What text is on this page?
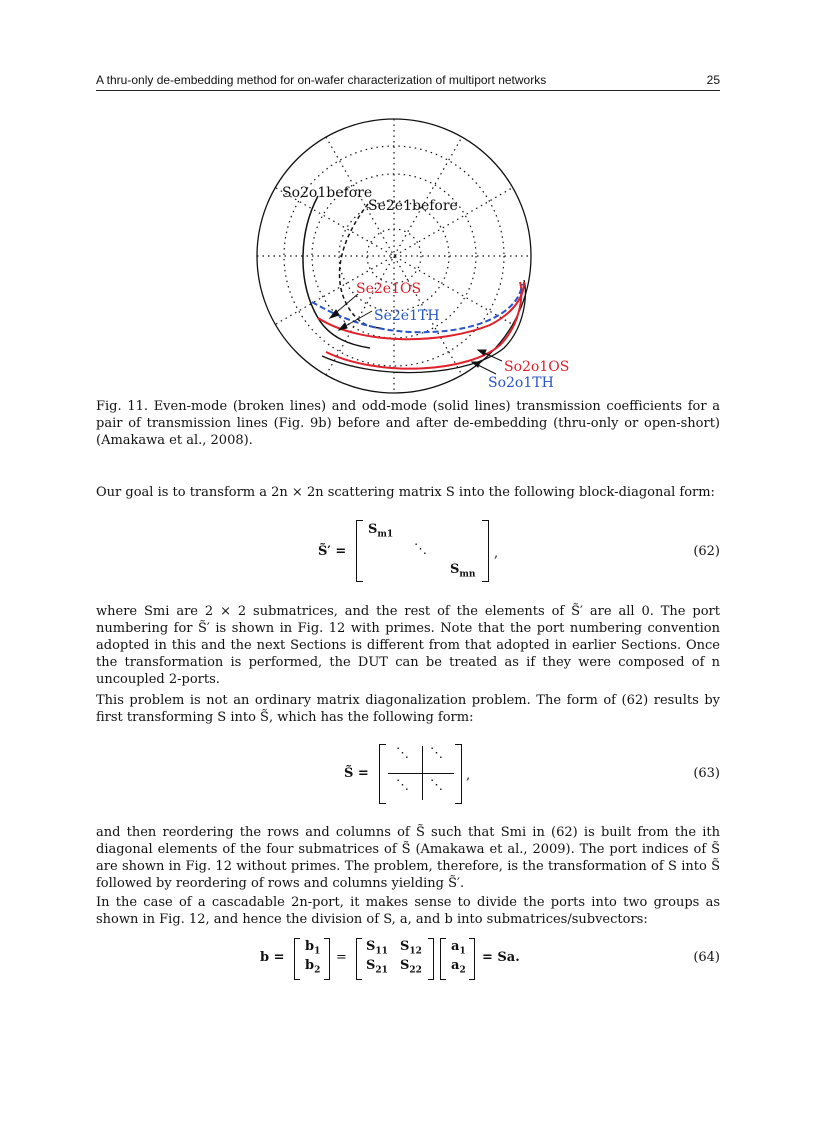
A thru-only de-embedding method for on-wafer characterization of multiport networks	25
So2o1before
Se2e1before
Se2e1OS
Se2e1TH
So2o1OS
So2o1TH
Fig. 11. Even-mode (broken lines) and odd-mode (solid lines) transmission coefficients for a pair of transmission lines (Fig. 9b) before and after de-embedding (thru-only or open-short) (Amakawa et al., 2008).
Our goal is to transform a 2n × 2n scattering matrix S into the following block-diagonal form:
S̃′ =
$S_{m1}$
⋱
$S_{mn}$
,	(62)
where Smi are 2 × 2 submatrices, and the rest of the elements of S̃′ are all 0. The port numbering for S̃′ is shown in Fig. 12 with primes. Note that the port numbering convention adopted in this and the next Sections is different from that adopted in earlier Sections. Once the transformation is performed, the DUT can be treated as if they were composed of n uncoupled 2-ports.
This problem is not an ordinary matrix diagonalization problem. The form of (62) results by first transforming S into S̃, which has the following form:
S̃ =
⋱ ⋱
⋱ ⋱
,	(63)
and then reordering the rows and columns of S̃ such that Smi in (62) is built from the ith diagonal elements of the four submatrices of S̃ (Amakawa et al., 2009). The port indices of S̃ are shown in Fig. 12 without primes. The problem, therefore, is the transformation of S into S̃ followed by reordering of rows and columns yielding S̃′.
In the case of a cascadable 2n-port, it makes sense to divide the ports into two groups as shown in Fig. 12, and hence the division of S, a, and b into submatrices/subvectors:
b =
$b_1$
$b_2$
=
$S_{11}$ $S_{12}$
$S_{21}$ $S_{22}$
$a_1$
$a_2$
= Sa.	(64)
